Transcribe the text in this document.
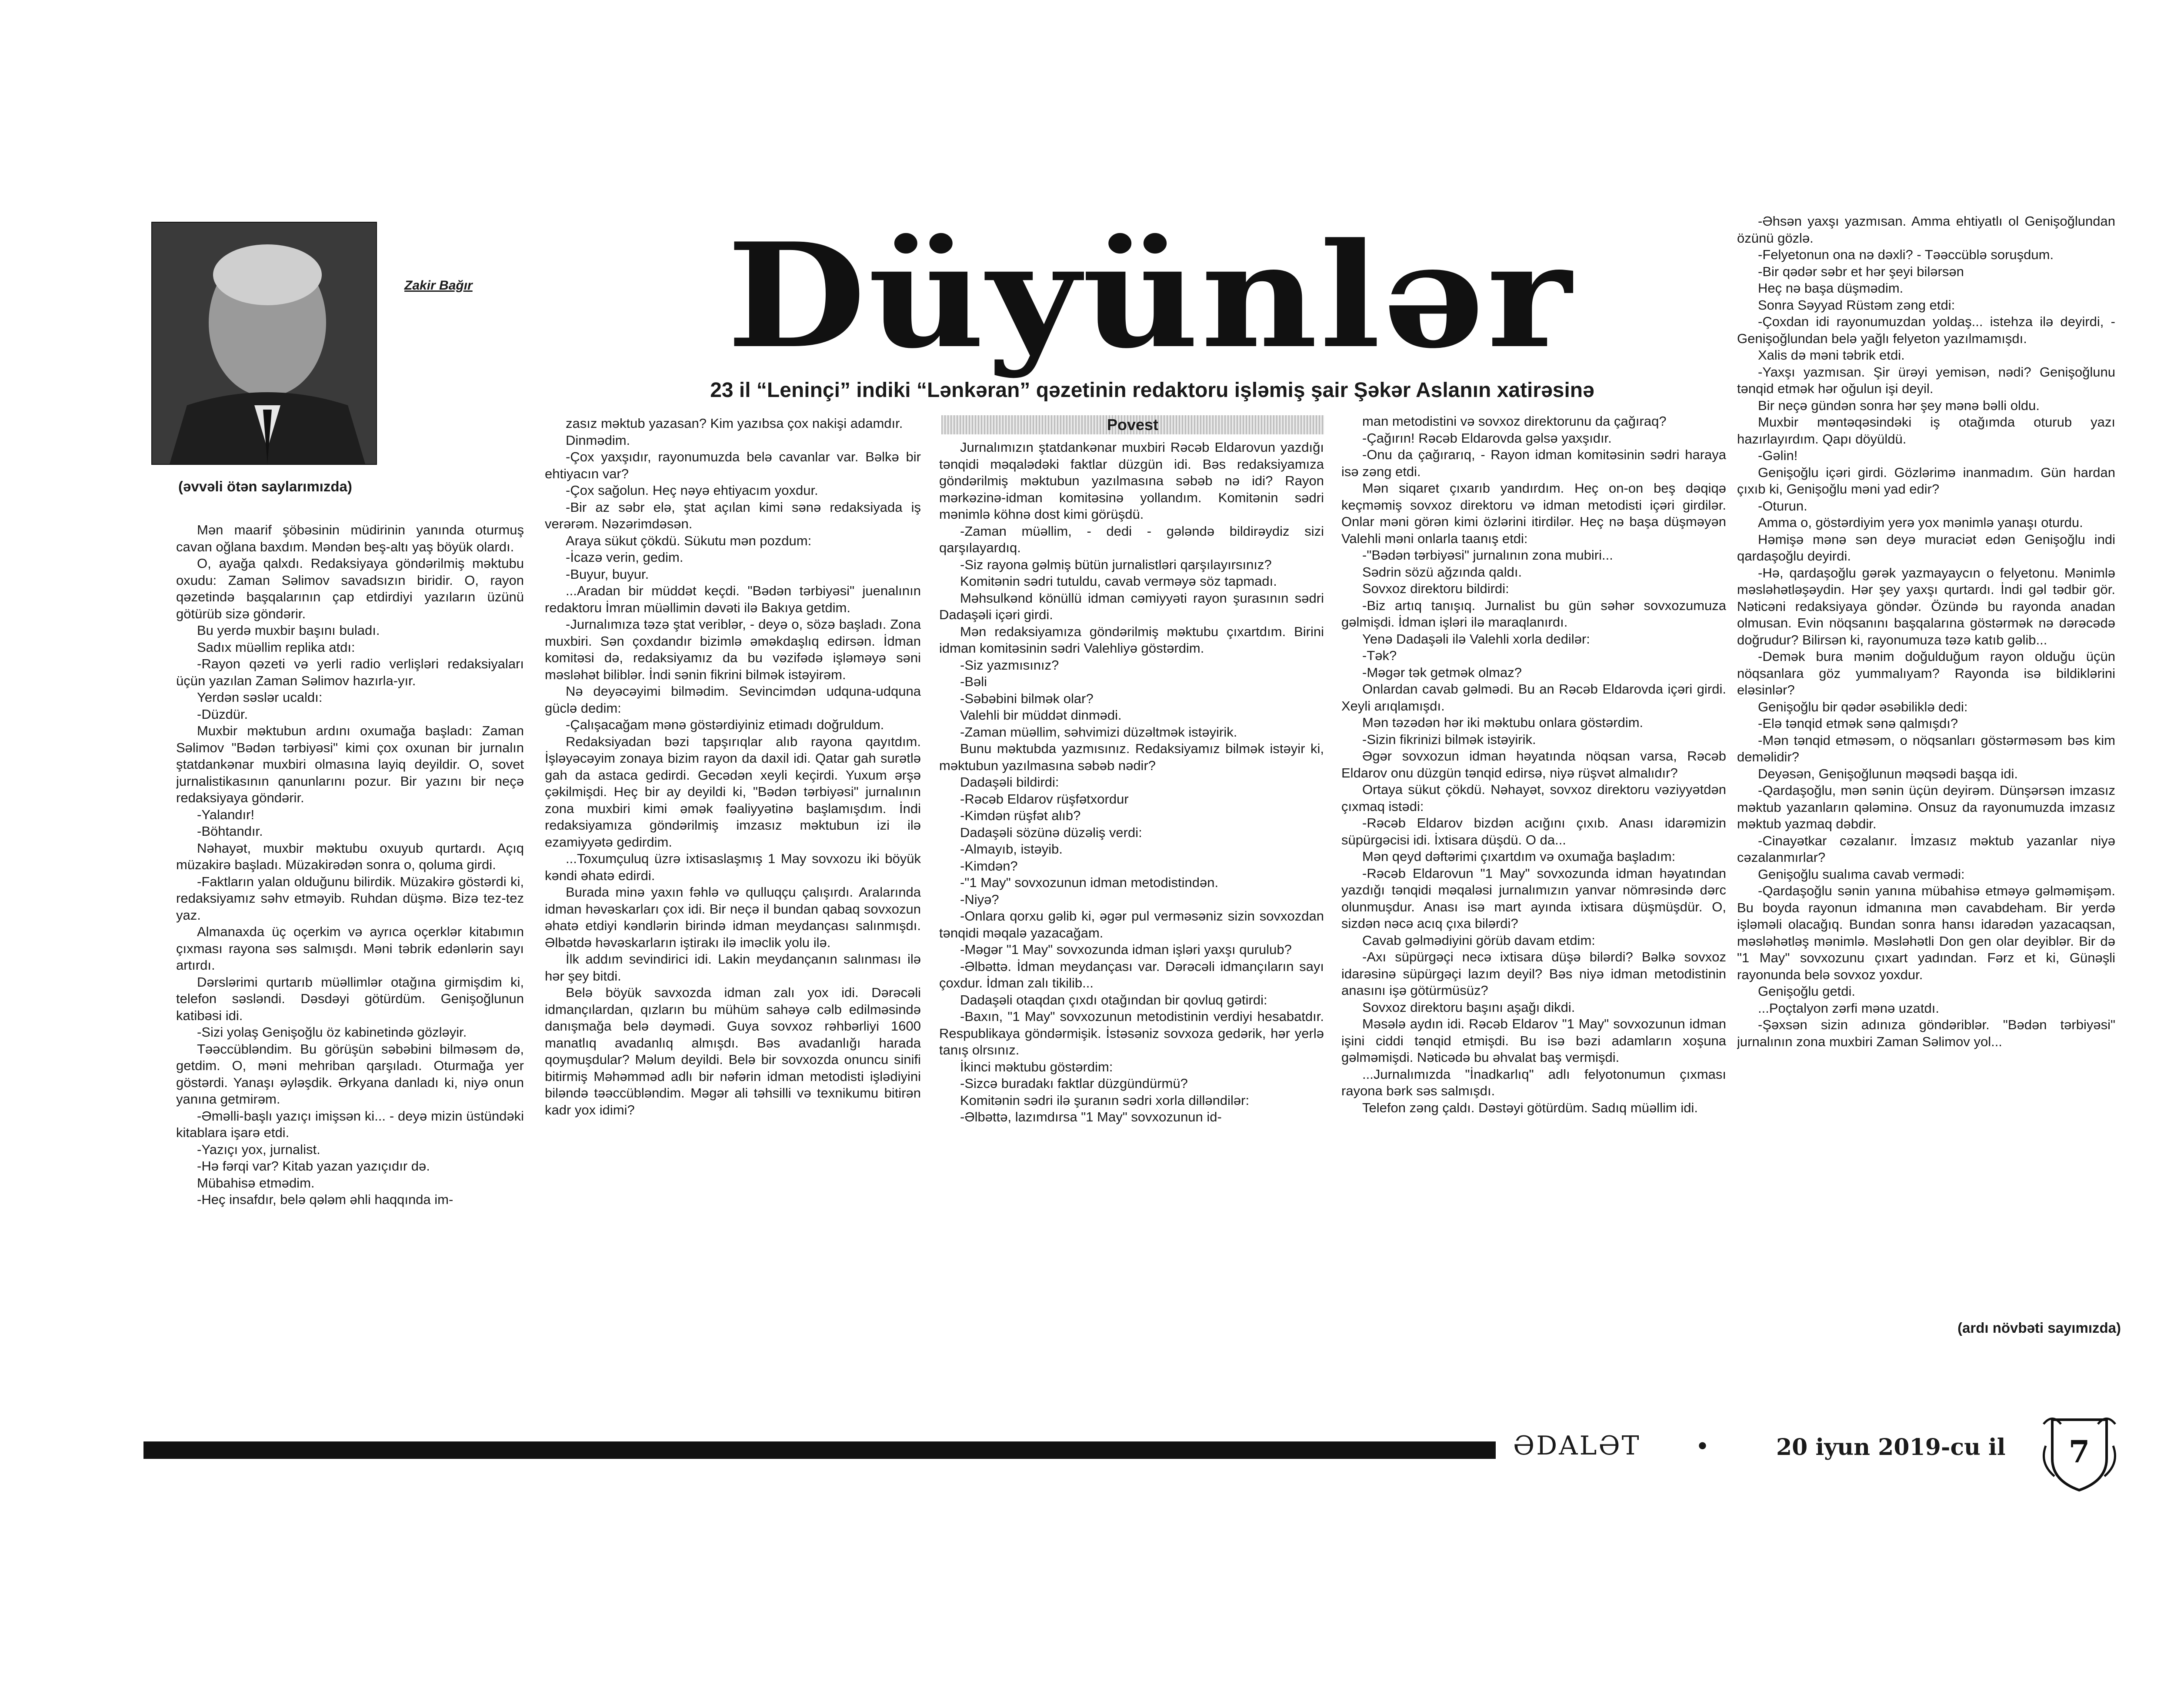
Zakir Bağır	Düyünlər
23 il “Leninçi” indiki “Lənkəran” qəzetinin redaktoru işləmiş şair Şəkər Aslanın xatirəsinə
(əvvəli ötən saylarımızda)
Povest

Mən maarif şöbəsinin müdirinin yanında oturmuş cavan oğlana baxdım. Məndən beş-altı yaş böyük olardı.

O, ayağa qalxdı. Redaksiyaya göndərilmiş məktubu oxudu: Zaman Səlimov savadsızın biridir. O, rayon qəzetində başqalarının çap etdirdiyi yazıların üzünü götürüb sizə göndərir.

Bu yerdə muxbir başını buladı.

Sadıx müəllim replika atdı:

-Rayon qəzeti və yerli radio verlişləri redaksiyaları üçün yazılan Zaman Səlimov hazırla-yır.

Yerdən səslər ucaldı:

-Düzdür.

Muxbir məktubun ardını oxumağa başladı: Zaman Səlimov "Bədən tərbiyəsi" kimi çox oxunan bir jurnalın ştatdankənar muxbiri olmasına layiq deyildir. O, sovet jurnalistikasının qanunlarını pozur. Bir yazını bir neçə redaksiyaya göndərir.

-Yalandır!

-Böhtandır.

Nəhayət, muxbir məktubu oxuyub qurtardı. Açıq müzakirə başladı. Müzakirədən sonra o, qoluma girdi.

-Faktların yalan olduğunu bilirdik. Müzakirə göstərdi ki, redaksiyamız səhv etməyib. Ruhdan düşmə. Bizə tez-tez yaz.

Almanaxda üç oçerkim və ayrıca oçerklər kitabımın çıxması rayona səs salmışdı. Məni təbrik edənlərin sayı artırdı.

Dərslərimi qurtarıb müəllimlər otağına girmişdim ki, telefon səsləndi. Dəsdəyi götürdüm. Genişoğlunun katibəsi idi.

-Sizi yolaş Genişoğlu öz kabinetində gözləyir.

Təəccübləndim. Bu görüşün səbəbini bilməsəm də, getdim. O, məni mehriban qarşıladı. Oturmağa yer göstərdi. Yanaşı əyləşdik. Ərkyana danladı ki, niyə onun yanına getmirəm.

-Əməlli-başlı yazıçı imişsən ki... - deyə mizin üstündəki kitablara işarə etdi.

-Yazıçı yox, jurnalist.

-Hə fərqi var? Kitab yazan yazıçıdır də.

Mübahisə etmədim.

-Heç insafdır, belə qələm əhli haqqında im-

zasız məktub yazasan? Kim yazıbsa çox nakişi adamdır.

Dinmədim.

-Çox yaxşıdır, rayonumuzda belə cavanlar var. Bəlkə bir ehtiyacın var?

-Çox sağolun. Heç nəyə ehtiyacım yoxdur.

-Bir az səbr elə, ştat açılan kimi sənə redaksiyada iş verərəm. Nəzərimdəsən.

Araya sükut çökdü. Sükutu mən pozdum:

-İcazə verin, gedim.

-Buyur, buyur.

...Aradan bir müddət keçdi. "Bədən tərbiyəsi" juenalının redaktoru İmran müəllimin dəvəti ilə Bakıya getdim.

-Jurnalımıza təzə ştat veriblər, - deyə o, sözə başladı. Zona muxbiri. Sən çoxdandır bizimlə əməkdaşlıq edirsən. İdman komitəsi də, redaksiyamız da bu vəzifədə işləməyə səni məsləhət biliblər. İndi sənin fikrini bilmək istəyirəm.

Nə deyəcəyimi bilmədim. Sevincimdən udquna-udquna güclə dedim:

-Çalışacağam mənə göstərdiyiniz etimadı doğruldum.

Redaksiyadan bəzi tapşırıqlar alıb rayona qayıtdım. İşləyəcəyim zonaya bizim rayon da daxil idi. Qatar gah surətlə gah da astaca gedirdi. Gecədən xeyli keçirdi. Yuxum ərşə çəkilmişdi. Heç bir ay deyildi ki, "Bədən tərbiyəsi" jurnalının zona muxbiri kimi əmək fəaliyyətinə başlamışdım. İndi redaksiyamıza göndərilmiş imzasız məktubun izi ilə ezamiyyətə gedirdim.

...Toxumçuluq üzrə ixtisaslaşmış 1 May sovxozu iki böyük kəndi əhatə edirdi.

Burada minə yaxın fəhlə və qulluqçu çalışırdı. Aralarında idman həvəskarları çox idi. Bir neçə il bundan qabaq sovxozun əhatə etdiyi kəndlərin birində idman meydançası salınmışdı. Əlbətdə həvəskarların iştirakı ilə iməclik yolu ilə.

İlk addım sevindirici idi. Lakin meydançanın salınması ilə hər şey bitdi.

Belə böyük savxozda idman zalı yox idi. Dərəcəli idmançılardan, qızların bu mühüm sahəyə cəlb edilməsində danışmağa belə dəymədi. Guya sovxoz rəhbərliyi 1600 manatlıq avadanlıq almışdı. Bəs avadanlığı harada qoymuşdular? Məlum deyildi. Belə bir sovxozda onuncu sinifi bitirmiş Məhəmməd adlı bir nəfərin idman metodisti işlədiyini biləndə təəccübləndim. Məgər ali təhsilli və texnikumu bitirən kadr yox idimi?

Jurnalımızın ştatdankənar muxbiri Rəcəb Eldarovun yazdığı tənqidi məqalədəki faktlar düzgün idi. Bəs redaksiyamıza göndərilmiş məktubun yazılmasına səbəb nə idi? Rayon mərkəzinə-idman komitəsinə yollandım. Komitənin sədri mənimlə köhnə dost kimi görüşdü.

-Zaman müəllim, - dedi - gələndə bildirəydiz sizi qarşılayardıq.

-Siz rayona gəlmiş bütün jurnalistləri qarşılayırsınız?

Komitənin sədri tutuldu, cavab verməyə söz tapmadı.

Məhsulkənd könüllü idman cəmiyyəti rayon şurasının sədri Dadaşəli içəri girdi.

Mən redaksiyamıza göndərilmiş məktubu çıxartdım. Birini idman komitəsinin sədri Valehliyə göstərdim.

-Siz yazmısınız?

-Bəli

-Səbəbini bilmək olar?

Valehli bir müddət dinmədi.

-Zaman müəllim, səhvimizi düzəltmək istəyirik.

Bunu məktubda yazmısınız. Redaksiyamız bilmək istəyir ki, məktubun yazılmasına səbəb nədir?

Dadaşəli bildirdi:

-Rəcəb Eldarov rüşfətxordur

-Kimdən rüşfət alıb?

Dadaşəli sözünə düzəliş verdi:

-Almayıb, istəyib.

-Kimdən?

-"1 May" sovxozunun idman metodistindən.

-Niyə?

-Onlara qorxu gəlib ki, əgər pul verməsəniz sizin sovxozdan tənqidi məqalə yazacağam.

-Məgər "1 May" sovxozunda idman işləri yaxşı qurulub?

-Əlbəttə. İdman meydançası var. Dərəcəli idmançıların sayı çoxdur. İdman zalı tikilib...

Dadaşəli otaqdan çıxdı otağından bir qovluq gətirdi:

-Baxın, "1 May" sovxozunun metodistinin verdiyi hesabatdır. Respublikaya göndərmişik. İstəsəniz sovxoza gedərik, hər yerlə tanış olrsınız.

İkinci məktubu göstərdim:

-Sizcə buradakı faktlar düzgündürmü?

Komitənin sədri ilə şuranın sədri xorla dilləndilər:

-Əlbəttə, lazımdırsa "1 May" sovxozunun id-

man metodistini və sovxoz direktorunu da çağıraq?

-Çağırın! Rəcəb Eldarovda gəlsə yaxşıdır.

-Onu da çağırarıq, - Rayon idman komitəsinin sədri haraya isə zəng etdi.

Mən siqaret çıxarıb yandırdım. Heç on-on beş dəqiqə keçməmiş sovxoz direktoru və idman metodisti içəri girdilər. Onlar məni görən kimi özlərini itirdilər. Heç nə başa düşməyən Valehli məni onlarla taanış etdi:

-"Bədən tərbiyəsi" jurnalının zona mubiri...

Sədrin sözü ağzında qaldı.

Sovxoz direktoru bildirdi:

-Biz artıq tanışıq. Jurnalist bu gün səhər sovxozumuza gəlmişdi. İdman işləri ilə maraqlanırdı.

Yenə Dadaşəli ilə Valehli xorla dedilər:

-Tək?

-Məgər tək getmək olmaz?

Onlardan cavab gəlmədi. Bu an Rəcəb Eldarovda içəri girdi. Xeyli arıqlamışdı.

Mən təzədən hər iki məktubu onlara göstərdim.

-Sizin fikrinizi bilmək istəyirik.

Əgər sovxozun idman həyatında nöqsan varsa, Rəcəb Eldarov onu düzgün tənqid edirsə, niyə rüşvət almalıdır?

Ortaya sükut çökdü. Nəhayət, sovxoz direktoru vəziyyətdən çıxmaq istədi:

-Rəcəb Eldarov bizdən acığını çıxıb. Anası idarəmizin süpürgəcisi idi. İxtisara düşdü. O da...

Mən qeyd dəftərimi çıxartdım və oxumağa başladım:

-Rəcəb Eldarovun "1 May" sovxozunda idman həyatından yazdığı tənqidi məqaləsi jurnalımızın yanvar nömrəsində dərc olunmuşdur. Anası isə mart ayında ixtisara düşmüşdür. O, sizdən nəcə acıq çıxa bilərdi?

Cavab gəlmədiyini görüb davam etdim:

-Axı süpürgəçi necə ixtisara düşə bilərdi? Bəlkə sovxoz idarəsinə süpürgəçi lazım deyil? Bəs niyə idman metodistinin anasını işə götürmüsüz?

Sovxoz direktoru başını aşağı dikdi.

Məsələ aydın idi. Rəcəb Eldarov "1 May" sovxozunun idman işini ciddi tənqid etmişdi. Bu isə bəzi adamların xoşuna gəlməmişdi. Nəticədə bu əhvalat baş vermişdi.

...Jurnalımızda "İnadkarlıq" adlı felyotonumun çıxması rayona bərk səs salmışdı.

Telefon zəng çaldı. Dəstəyi götürdüm. Sadıq müəllim idi.

-Əhsən yaxşı yazmısan. Amma ehtiyatlı ol Genişoğlundan özünü gözlə.

-Felyetonun ona nə dəxli? - Təəccüblə soruşdum.

-Bir qədər səbr et hər şeyi bilərsən

Heç nə başa düşmədim.

Sonra Səyyad Rüstəm zəng etdi:

-Çoxdan idi rayonumuzdan yoldaş... istehza ilə deyirdi, - Genişoğlundan belə yağlı felyeton yazılmamışdı.

Xalis də məni təbrik etdi.

-Yaxşı yazmısan. Şir ürəyi yemisən, nədi? Genişoğlunu tənqid etmək hər oğulun işi deyil.

Bir neçə gündən sonra hər şey mənə bəlli oldu.

Muxbir məntəqəsindəki iş otağımda oturub yazı hazırlayırdım. Qapı döyüldü.

-Gəlin!

Genişoğlu içəri girdi. Gözlərimə inanmadım. Gün hardan çıxıb ki, Genişoğlu məni yad edir?

-Oturun.

Amma o, göstərdiyim yerə yox mənimlə yanaşı oturdu.

Həmişə mənə sən deyə muraciət edən Genişoğlu indi qardaşoğlu deyirdi.

-Hə, qardaşoğlu gərək yazmayaycın o felyetonu. Mənimlə məsləhətləşəydin. Hər şey yaxşı qurtardı. İndi gəl tədbir gör. Nəticəni redaksiyaya göndər. Özündə bu rayonda anadan olmusan. Evin nöqsanını başqalarına göstərmək nə dərəcədə doğrudur? Bilirsən ki, rayonumuza təzə katıb gəlib...

-Demək bura mənim doğulduğum rayon olduğu üçün nöqsanlara göz yummalıyam? Rayonda isə bildiklərini eləsinlər?

Genişoğlu bir qədər əsəbiliklə dedi:

-Elə tənqid etmək sənə qalmışdı?

-Mən tənqid etməsəm, o nöqsanları göstərməsəm bəs kim deməlidir?

Deyəsən, Genişoğlunun məqsədi başqa idi.

-Qardaşoğlu, mən sənin üçün deyirəm. Dünşərsən imzasız məktub yazanların qələminə. Onsuz da rayonumuzda imzasız məktub yazmaq dəbdir.

-Cinayətkar cəzalanır. İmzasız məktub yazanlar niyə cəzalanmırlar?

Genişoğlu sualıma cavab vermədi:

-Qardaşoğlu sənin yanına mübahisə etməyə gəlməmişəm. Bu boyda rayonun idmanına mən cavabdeham. Bir yerdə işləməli olacağıq. Bundan sonra hansı idarədən yazacaqsan, məsləhətləş mənimlə. Məsləhətli Don gen olar deyiblər. Bir də "1 May" sovxozunu çıxart yadından. Fərz et ki, Günəşli rayonunda belə sovxoz yoxdur.

Genişoğlu getdi.

...Poçtalyon zərfi mənə uzatdı.

-Şəxsən sizin adınıza göndəriblər. "Bədən tərbiyəsi" jurnalının zona muxbiri Zaman Səlimov yol...

(ardı növbəti sayımızda)
ƏDALƏT •	20 iyun 2019-cu il 7
